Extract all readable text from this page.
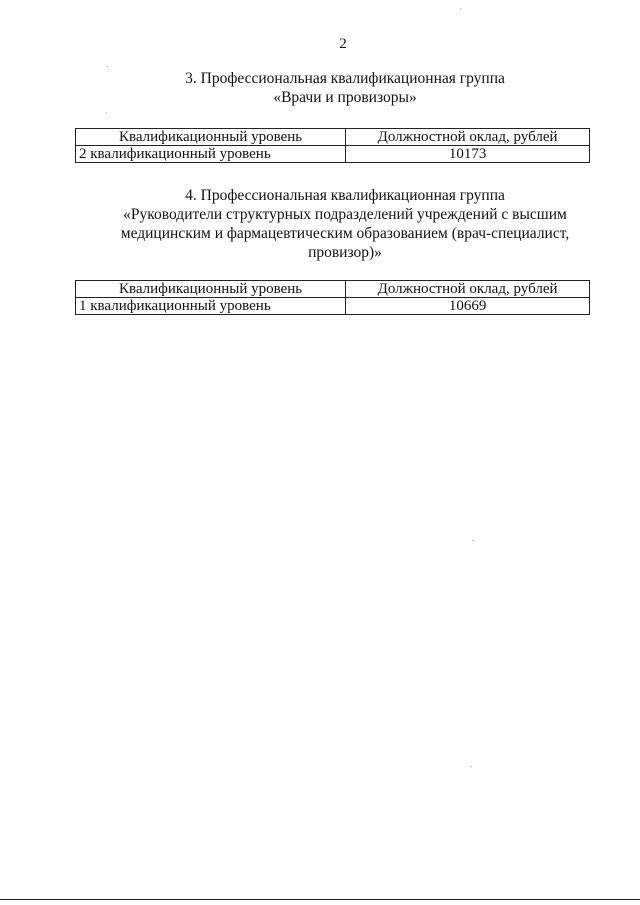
2
3. Профессиональная квалификационная группа
«Врачи и провизоры»
Квалификационный уровень	Должностной оклад, рублей
2 квалификационный уровень	10173
4. Профессиональная квалификационная группа
«Руководители структурных подразделений учреждений с высшим
медицинским и фармацевтическим образованием (врач-специалист,
провизор)»
Квалификационный уровень	Должностной оклад, рублей
1 квалификационный уровень	10669
